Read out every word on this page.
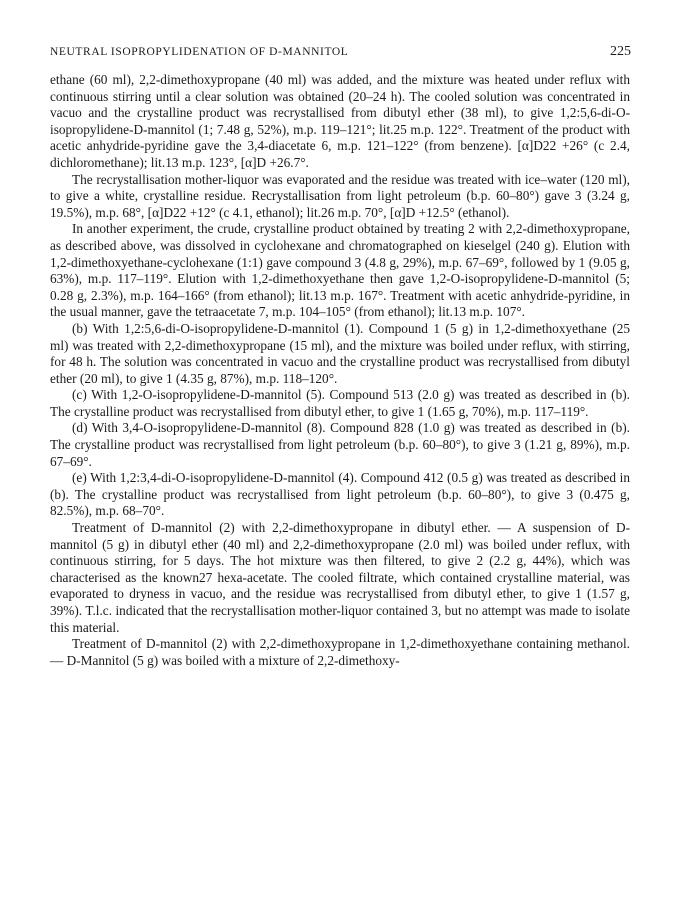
NEUTRAL ISOPROPYLIDENATION OF D-MANNITOL	225

ethane (60 ml), 2,2-dimethoxypropane (40 ml) was added, and the mixture was heated under reflux with continuous stirring until a clear solution was obtained (20–24 h). The cooled solution was concentrated in vacuo and the crystalline product was recrystallised from dibutyl ether (38 ml), to give 1,2:5,6-di-O-isopropylidene-D-mannitol (1; 7.48 g, 52%), m.p. 119–121°; lit.25 m.p. 122°. Treatment of the product with acetic anhydride-pyridine gave the 3,4-diacetate 6, m.p. 121–122° (from benzene). [α]D22 +26° (c 2.4, dichloromethane); lit.13 m.p. 123°, [α]D +26.7°.

The recrystallisation mother-liquor was evaporated and the residue was treated with ice–water (120 ml), to give a white, crystalline residue. Recrystallisation from light petroleum (b.p. 60–80°) gave 3 (3.24 g, 19.5%), m.p. 68°, [α]D22 +12° (c 4.1, ethanol); lit.26 m.p. 70°, [α]D +12.5° (ethanol).

In another experiment, the crude, crystalline product obtained by treating 2 with 2,2-dimethoxypropane, as described above, was dissolved in cyclohexane and chromatographed on kieselgel (240 g). Elution with 1,2-dimethoxyethane-cyclohexane (1:1) gave compound 3 (4.8 g, 29%), m.p. 67–69°, followed by 1 (9.05 g, 63%), m.p. 117–119°. Elution with 1,2-dimethoxyethane then gave 1,2-O-isopropylidene-D-mannitol (5; 0.28 g, 2.3%), m.p. 164–166° (from ethanol); lit.13 m.p. 167°. Treatment with acetic anhydride-pyridine, in the usual manner, gave the tetraacetate 7, m.p. 104–105° (from ethanol); lit.13 m.p. 107°.

(b) With 1,2:5,6-di-O-isopropylidene-D-mannitol (1). Compound 1 (5 g) in 1,2-dimethoxyethane (25 ml) was treated with 2,2-dimethoxypropane (15 ml), and the mixture was boiled under reflux, with stirring, for 48 h. The solution was concentrated in vacuo and the crystalline product was recrystallised from dibutyl ether (20 ml), to give 1 (4.35 g, 87%), m.p. 118–120°.

(c) With 1,2-O-isopropylidene-D-mannitol (5). Compound 513 (2.0 g) was treated as described in (b). The crystalline product was recrystallised from dibutyl ether, to give 1 (1.65 g, 70%), m.p. 117–119°.

(d) With 3,4-O-isopropylidene-D-mannitol (8). Compound 828 (1.0 g) was treated as described in (b). The crystalline product was recrystallised from light petroleum (b.p. 60–80°), to give 3 (1.21 g, 89%), m.p. 67–69°.

(e) With 1,2:3,4-di-O-isopropylidene-D-mannitol (4). Compound 412 (0.5 g) was treated as described in (b). The crystalline product was recrystallised from light petroleum (b.p. 60–80°), to give 3 (0.475 g, 82.5%), m.p. 68–70°.

Treatment of D-mannitol (2) with 2,2-dimethoxypropane in dibutyl ether. — A suspension of D-mannitol (5 g) in dibutyl ether (40 ml) and 2,2-dimethoxypropane (2.0 ml) was boiled under reflux, with continuous stirring, for 5 days. The hot mixture was then filtered, to give 2 (2.2 g, 44%), which was characterised as the known27 hexa-acetate. The cooled filtrate, which contained crystalline material, was evaporated to dryness in vacuo, and the residue was recrystallised from dibutyl ether, to give 1 (1.57 g, 39%). T.l.c. indicated that the recrystallisation mother-liquor contained 3, but no attempt was made to isolate this material.

Treatment of D-mannitol (2) with 2,2-dimethoxypropane in 1,2-dimethoxyethane containing methanol. — D-Mannitol (5 g) was boiled with a mixture of 2,2-dimethoxy-
